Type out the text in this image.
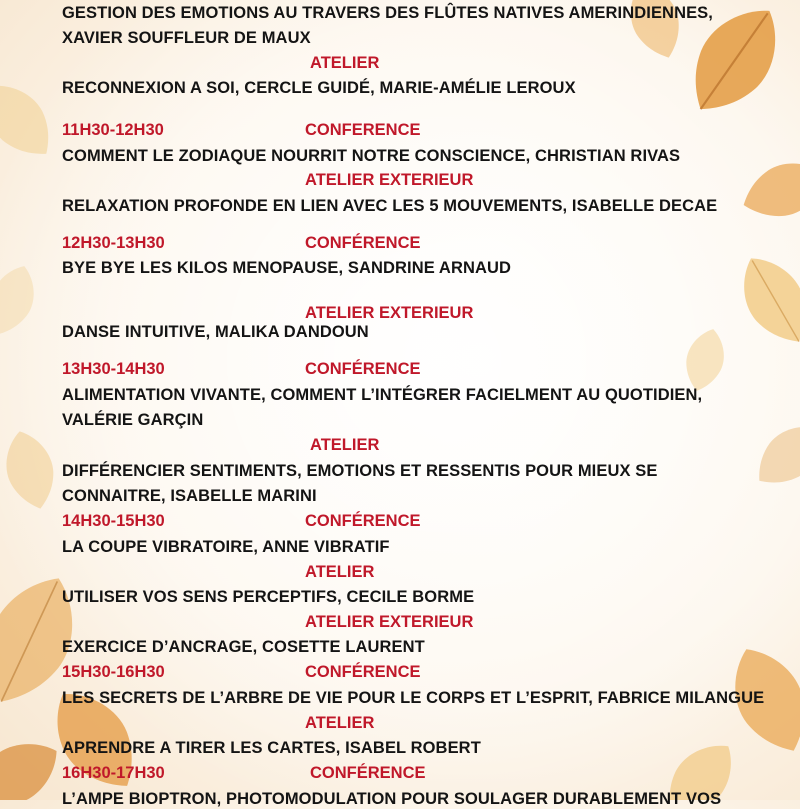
GESTION DES EMOTIONS AU TRAVERS DES FLÛTES NATIVES AMERINDIENNES,
XAVIER SOUFFLEUR DE MAUX
ATELIER
RECONNEXION A SOI, CERCLE GUIDÉ, MARIE-AMÉLIE LEROUX
11H30-12H30	CONFERENCE
COMMENT LE ZODIAQUE NOURRIT NOTRE CONSCIENCE, CHRISTIAN RIVAS
ATELIER EXTERIEUR
RELAXATION PROFONDE EN LIEN AVEC LES 5 MOUVEMENTS, ISABELLE DECAE
12H30-13H30	CONFÉRENCE
BYE BYE LES KILOS MENOPAUSE, SANDRINE ARNAUD
ATELIER EXTERIEUR
DANSE INTUITIVE, MALIKA DANDOUN
13H30-14H30	CONFÉRENCE
ALIMENTATION VIVANTE, COMMENT L’INTÉGRER FACIELMENT AU QUOTIDIEN,
VALÉRIE GARÇIN
ATELIER
DIFFÉRENCIER SENTIMENTS, EMOTIONS ET RESSENTIS POUR MIEUX SE
CONNAITRE, ISABELLE MARINI
14H30-15H30	CONFÉRENCE
LA COUPE VIBRATOIRE, ANNE VIBRATIF
ATELIER
UTILISER VOS SENS PERCEPTIFS, CECILE BORME
ATELIER EXTERIEUR
EXERCICE D’ANCRAGE, COSETTE LAURENT
15H30-16H30	CONFÉRENCE
LES SECRETS DE L’ARBRE DE VIE POUR LE CORPS ET L’ESPRIT, FABRICE MILANGUE
ATELIER
APRENDRE A TIRER LES CARTES, ISABEL ROBERT
16H30-17H30	CONFÉRENCE
L’AMPE BIOPTRON, PHOTOMODULATION POUR SOULAGER DURABLEMENT VOS
